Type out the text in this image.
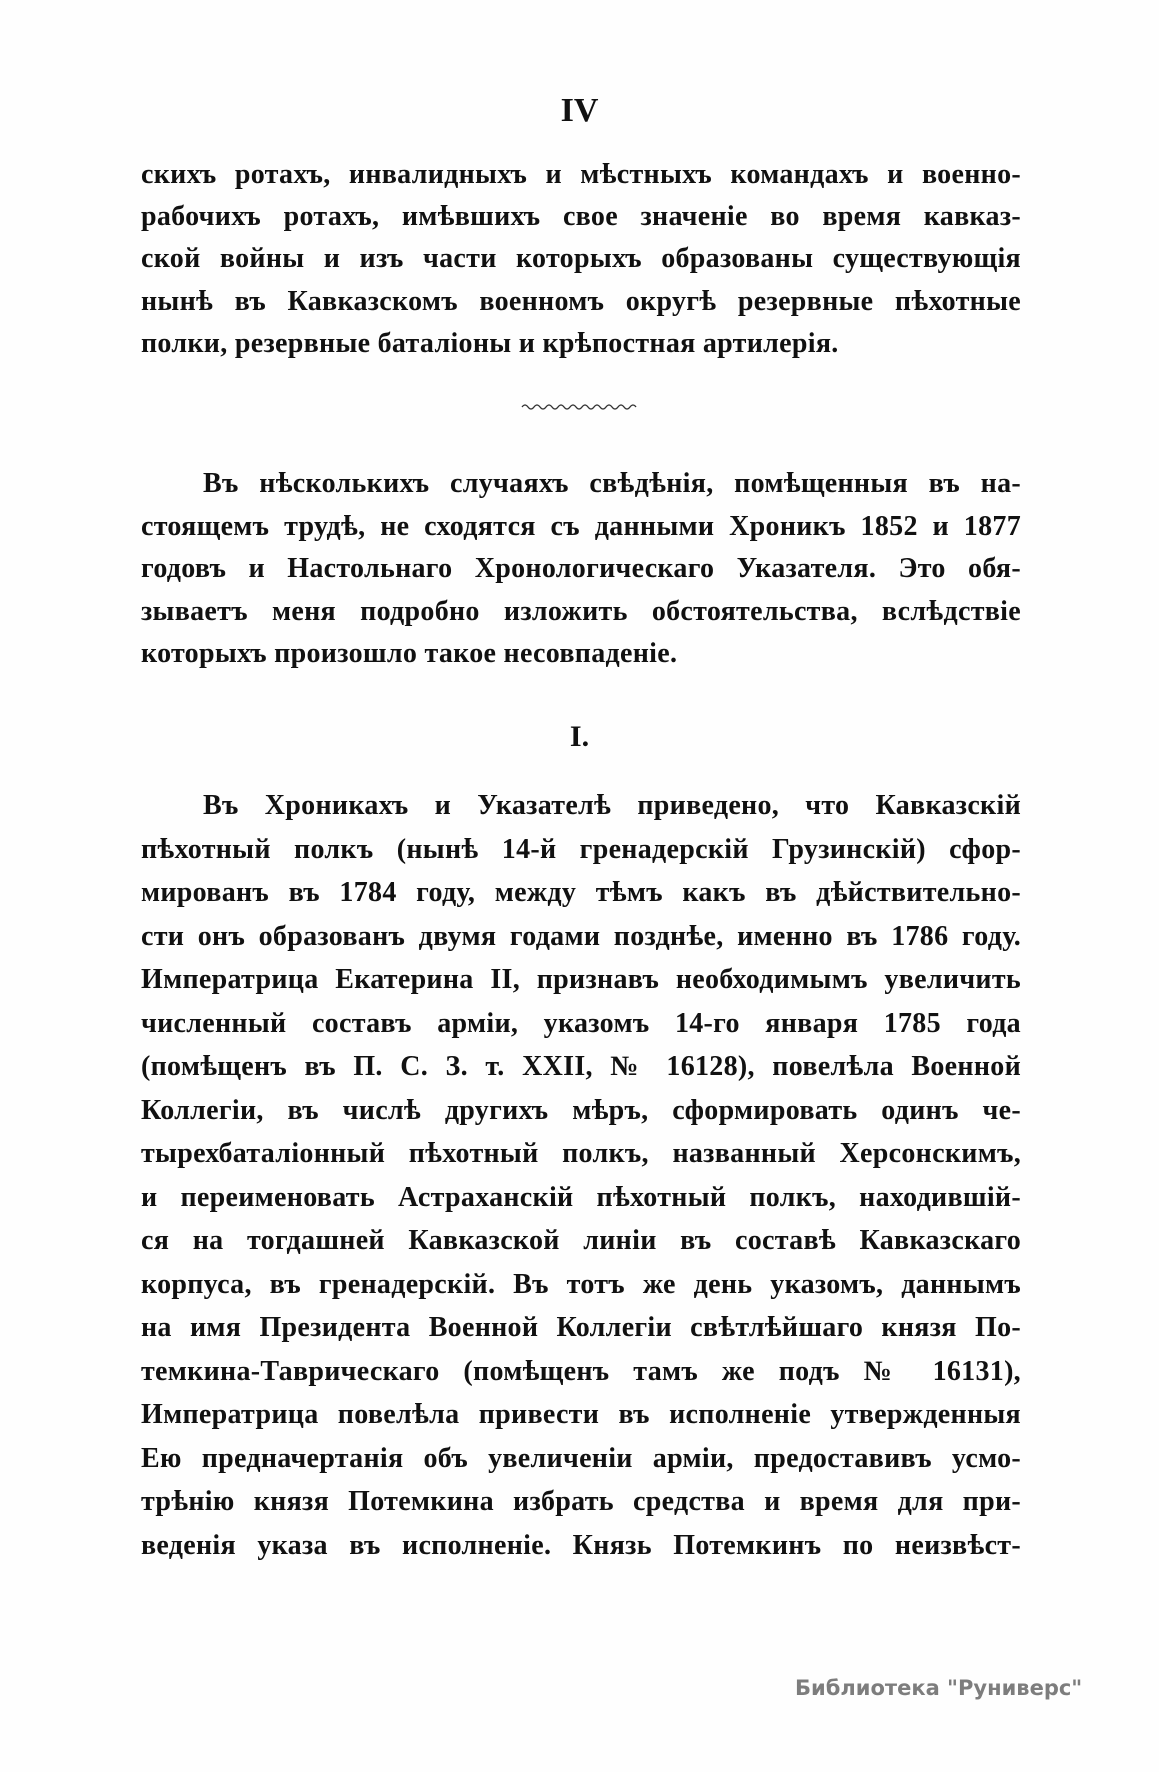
IV
скихъ ротахъ, инвалидныхъ и мѣстныхъ командахъ и военно-
рабочихъ ротахъ, имѣвшихъ свое значеніе во время кавказ-
ской войны и изъ части которыхъ образованы существующія
нынѣ въ Кавказскомъ военномъ округѣ резервные пѣхотные
полки, резервные баталіоны и крѣпостная артилерія.
Въ нѣсколькихъ случаяхъ свѣдѣнія, помѣщенныя въ на-
стоящемъ трудѣ, не сходятся съ данными Хроникъ 1852 и 1877
годовъ и Настольнаго Хронологическаго Указателя. Это обя-
зываетъ меня подробно изложить обстоятельства, вслѣдствіе
которыхъ произошло такое несовпаденіе.
I.
Въ Хроникахъ и Указателѣ приведено, что Кавказскій
пѣхотный полкъ (нынѣ 14-й гренадерскій Грузинскій) сфор-
мированъ въ 1784 году, между тѣмъ какъ въ дѣйствительно-
сти онъ образованъ двумя годами позднѣе, именно въ 1786 году.
Императрица Екатерина II, признавъ необходимымъ увеличить
численный составъ арміи, указомъ 14-го января 1785 года
(помѣщенъ въ П. С. З. т. XXII, № 16128), повелѣла Военной
Коллегіи, въ числѣ другихъ мѣръ, сформировать одинъ че-
тырехбаталіонный пѣхотный полкъ, названный Херсонскимъ,
и переименовать Астраханскій пѣхотный полкъ, находившій-
ся на тогдашней Кавказской линіи въ составѣ Кавказскаго
корпуса, въ гренадерскій. Въ тотъ же день указомъ, даннымъ
на имя Президента Военной Коллегіи свѣтлѣйшаго князя По-
темкина-Таврическаго (помѣщенъ тамъ же подъ № 16131),
Императрица повелѣла привести въ исполненіе утвержденныя
Ею предначертанія объ увеличеніи арміи, предоставивъ усмо-
трѣнію князя Потемкина избрать средства и время для при-
веденія указа въ исполненіе. Князь Потемкинъ по неизвѣст-
Библиотека "Руниверс"
